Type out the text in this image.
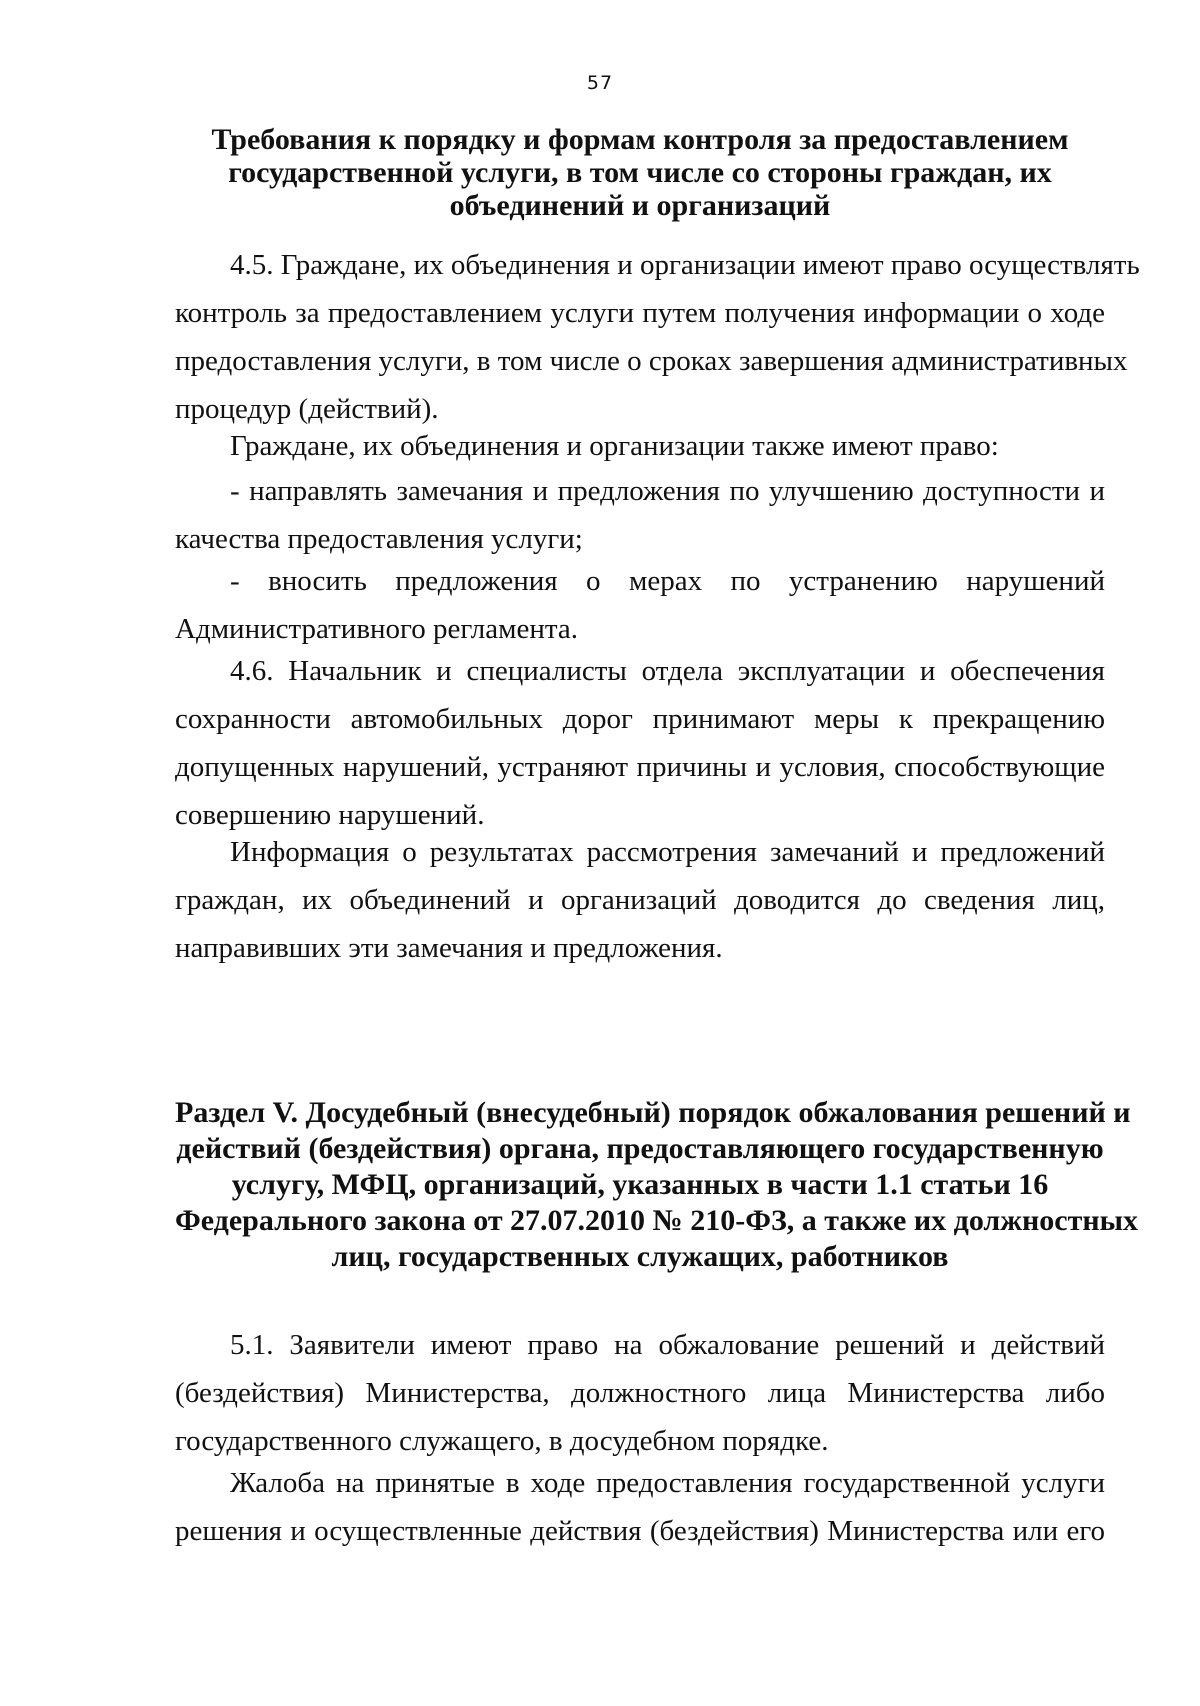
57
Требования к порядку и формам контроля за предоставлением
государственной услуги, в том числе со стороны граждан, их
объединений и организаций
4.5. Граждане, их объединения и организации имеют право осуществлять
контроль за предоставлением услуги путем получения информации о ходе
предоставления услуги, в том числе о сроках завершения административных
процедур (действий).
Граждане, их объединения и организации также имеют право:
- направлять замечания и предложения по улучшению доступности и
качества предоставления услуги;
- вносить предложения о мерах по устранению нарушений
Административного регламента.
4.6. Начальник и специалисты отдела эксплуатации и обеспечения
сохранности автомобильных дорог принимают меры к прекращению
допущенных нарушений, устраняют причины и условия, способствующие
совершению нарушений.
Информация о результатах рассмотрения замечаний и предложений
граждан, их объединений и организаций доводится до сведения лиц,
направивших эти замечания и предложения.
Раздел V. Досудебный (внесудебный) порядок обжалования решений и
действий (бездействия) органа, предоставляющего государственную
услугу, МФЦ, организаций, указанных в части 1.1 статьи 16
Федерального закона от 27.07.2010 № 210-ФЗ, а также их должностных
лиц, государственных служащих, работников
5.1. Заявители имеют право на обжалование решений и действий
(бездействия) Министерства, должностного лица Министерства либо
государственного служащего, в досудебном порядке.
Жалоба на принятые в ходе предоставления государственной услуги
решения и осуществленные действия (бездействия) Министерства или его
